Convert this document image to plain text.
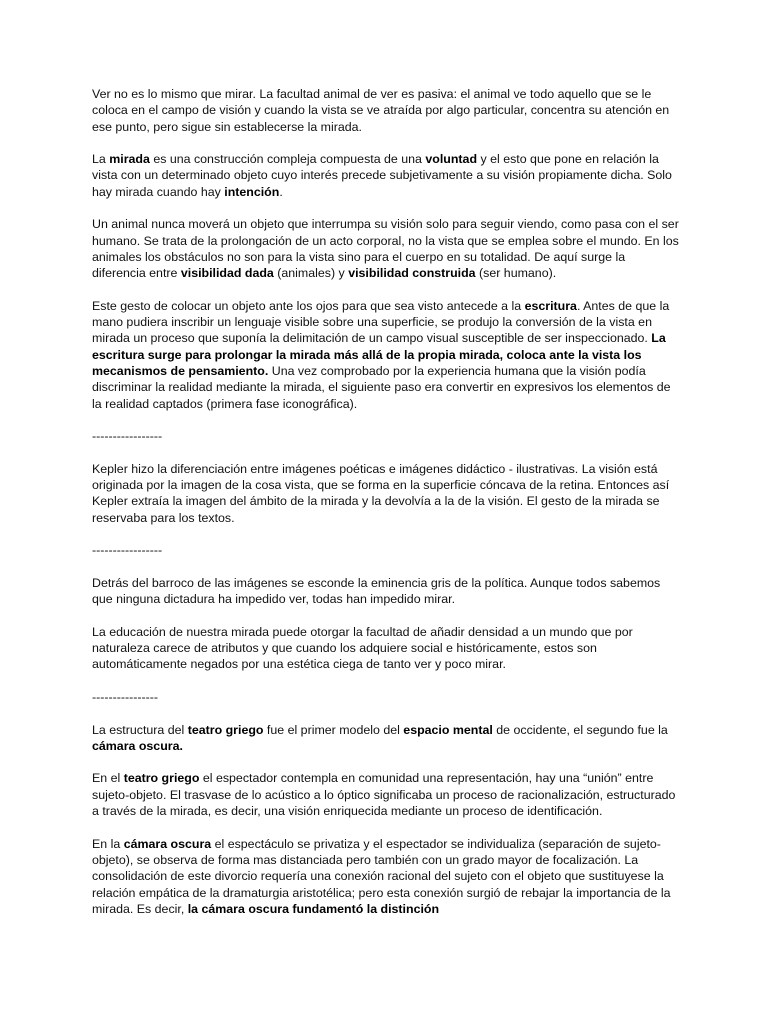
Ver no es lo mismo que mirar. La facultad animal de ver es pasiva: el animal ve todo aquello que se le coloca en el campo de visión y cuando la vista se ve atraída por algo particular, concentra su atención en ese punto, pero sigue sin establecerse la mirada.

La mirada es una construcción compleja compuesta de una voluntad y el esto que pone en relación la vista con un determinado objeto cuyo interés precede subjetivamente a su visión propiamente dicha. Solo hay mirada cuando hay intención.

Un animal nunca moverá un objeto que interrumpa su visión solo para seguir viendo, como pasa con el ser humano. Se trata de la prolongación de un acto corporal, no la vista que se emplea sobre el mundo. En los animales los obstáculos no son para la vista sino para el cuerpo en su totalidad. De aquí surge la diferencia entre visibilidad dada (animales) y visibilidad construida (ser humano).

Este gesto de colocar un objeto ante los ojos para que sea visto antecede a la escritura. Antes de que la mano pudiera inscribir un lenguaje visible sobre una superficie, se produjo la conversión de la vista en mirada un proceso que suponía la delimitación de un campo visual susceptible de ser inspeccionado. La escritura surge para prolongar la mirada más allá de la propia mirada, coloca ante la vista los mecanismos de pensamiento. Una vez comprobado por la experiencia humana que la visión podía discriminar la realidad mediante la mirada, el siguiente paso era convertir en expresivos los elementos de la realidad captados (primera fase iconográfica).

-----------------

Kepler hizo la diferenciación entre imágenes poéticas e imágenes didáctico - ilustrativas. La visión está originada por la imagen de la cosa vista, que se forma en la superficie cóncava de la retina. Entonces así Kepler extraía la imagen del ámbito de la mirada y la devolvía a la de la visión. El gesto de la mirada se reservaba para los textos.

-----------------

Detrás del barroco de las imágenes se esconde la eminencia gris de la política. Aunque todos sabemos que ninguna dictadura ha impedido ver, todas han impedido mirar.

La educación de nuestra mirada puede otorgar la facultad de añadir densidad a un mundo que por naturaleza carece de atributos y que cuando los adquiere social e históricamente, estos son automáticamente negados por una estética ciega de tanto ver y poco mirar.

----------------

La estructura del teatro griego fue el primer modelo del espacio mental de occidente, el segundo fue la cámara oscura.

En el teatro griego el espectador contempla en comunidad una representación, hay una “unión” entre sujeto-objeto. El trasvase de lo acústico a lo óptico significaba un proceso de racionalización, estructurado a través de la mirada, es decir, una visión enriquecida mediante un proceso de identificación.

En la cámara oscura el espectáculo se privatiza y el espectador se individualiza (separación de sujeto-objeto), se observa de forma mas distanciada pero también con un grado mayor de focalización. La consolidación de este divorcio requería una conexión racional del sujeto con el objeto que sustituyese la relación empática de la dramaturgia aristotélica; pero esta conexión surgió de rebajar la importancia de la mirada. Es decir, la cámara oscura fundamentó la distinción
